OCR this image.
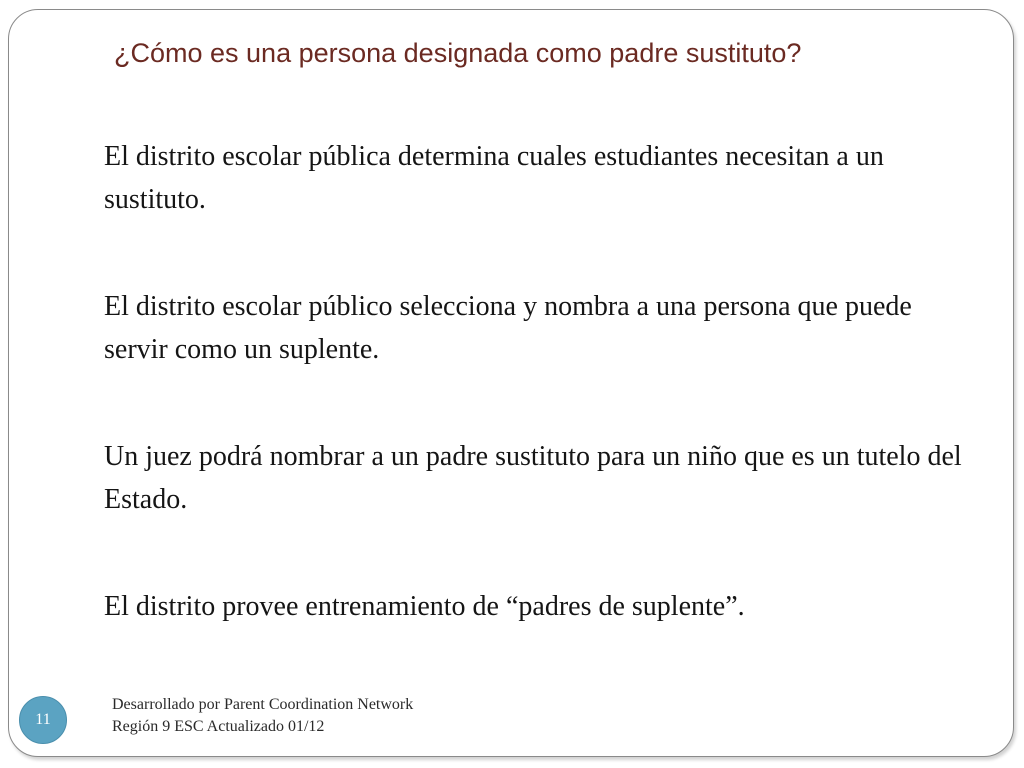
¿Cómo es una persona designada como padre sustituto?
El distrito escolar pública determina cuales estudiantes necesitan a un sustituto.
El distrito escolar público selecciona y nombra a una persona que puede servir como un suplente.
Un juez podrá nombrar a un padre sustituto para un niño que es un tutelo del Estado.
El distrito provee entrenamiento de “padres de suplente”.
11
Desarrollado por Parent Coordination Network
Región 9 ESC Actualizado 01/12
